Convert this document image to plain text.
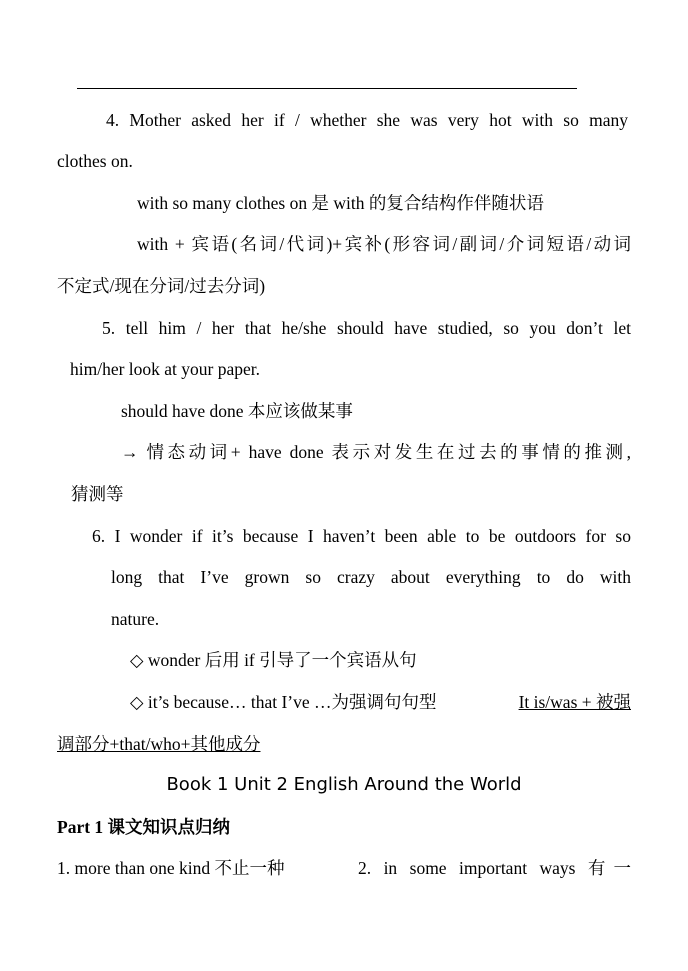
4. Mother asked her if / whether she was very hot with so many
clothes on.
with so many clothes on 是 with 的复合结构作伴随状语
with + 宾语(名词/代词)+宾补(形容词/副词/介词短语/动词
不定式/现在分词/过去分词)
5. tell him / her that he/she should have studied, so you don’t let
him/her look at your paper.
should have done 本应该做某事
→ 情态动词+ have done 表示对发生在过去的事情的推测,
猜测等
6. I wonder if it’s because I haven’t been able to be outdoors for so
long that I’ve grown so crazy about everything to do with
nature.
◇ wonder 后用 if 引导了一个宾语从句
◇ it’s because… that I’ve …为强调句句型	It is/was + 被强
调部分+that/who+其他成分
Book 1 Unit 2 English Around the World
Part 1 课文知识点归纳
1. more than one kind 不止一种	2. in some important ways 有一
